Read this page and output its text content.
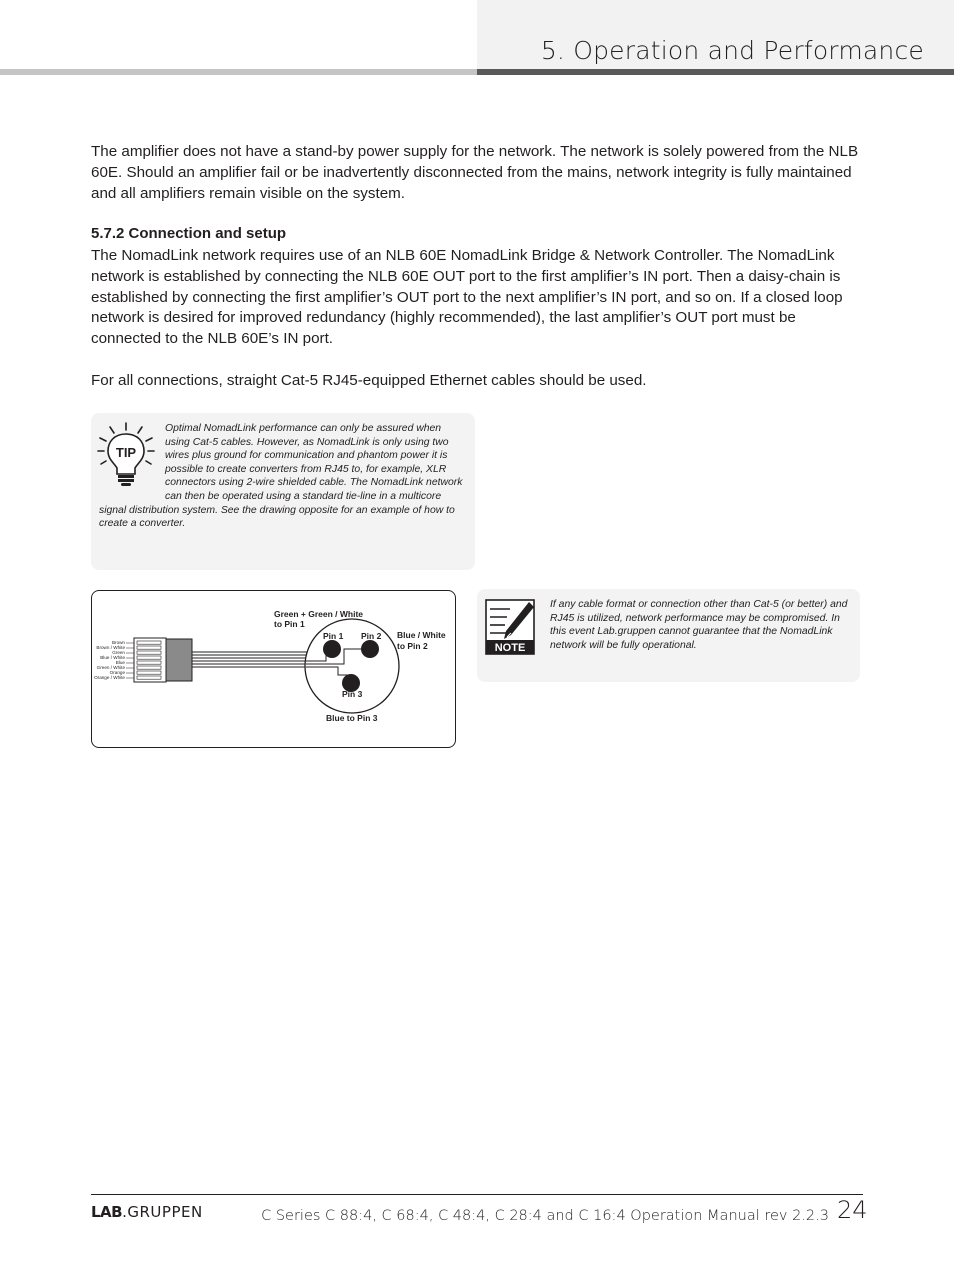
5. Operation and Performance
The amplifier does not have a stand-by power supply for the network. The network is solely powered from the NLB 60E. Should an amplifier fail or be inadvertently disconnected from the mains, network integrity is fully maintained and all amplifiers remain visible on the system.
5.7.2 Connection and setup
The NomadLink network requires use of an NLB 60E NomadLink Bridge & Network Controller. The NomadLink network is established by connecting the NLB 60E OUT port to the first amplifier’s IN port. Then a daisy-chain is established by connecting the first amplifier’s OUT port to the next amplifier’s IN port, and so on. If a closed loop network is desired for improved redundancy (highly recommended), the last amplifier’s OUT port must be connected to the NLB 60E’s IN port.
For all connections, straight Cat-5 RJ45-equipped Ethernet cables should be used.
TIP
Optimal NomadLink performance can only be assured when using Cat-5 cables. However, as NomadLink is only using two wires plus ground for communication and phantom power it is possible to create converters from RJ45 to, for example, XLR connectors using 2-wire shielded cable. The NomadLink network can then be operated using a standard tie-line in a multicore signal distribution system. See the drawing opposite for an example of how to create a converter.
Brown
Brown / White
Green
Blue / White
Blue
Green / White
Orange
Orange / White
Green + Green / White
to Pin 1
Pin 1 Pin 2 Blue / White
to Pin 2
Pin 3
Blue to Pin 3
NOTE
If any cable format or connection other than Cat-5 (or better) and RJ45 is utilized, network performance may be compromised. In this event Lab.gruppen cannot guarantee that the NomadLink network will be fully operational.
LAB.GRUPPEN	C Series C 88:4, C 68:4, C 48:4, C 28:4 and C 16:4 Operation Manual rev 2.2.3 24
